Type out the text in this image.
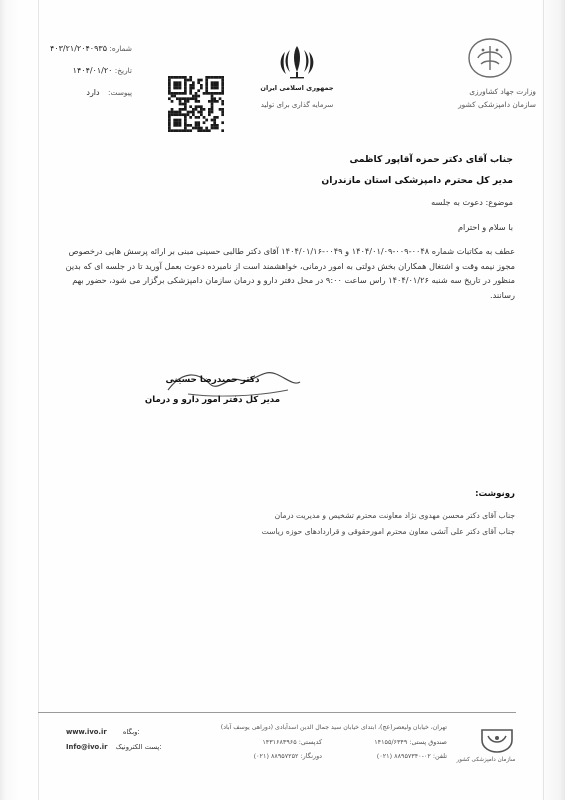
شماره: ۴۰۳/۲۱/۲۰۴۰۹۳۵
تاریخ: ۱۴۰۴/۰۱/۲۰
پیوست: دارد	جمهوری اسلامی ایران
سرمایه گذاری برای تولید
وزارت جهاد کشاورزی
سازمان دامپزشکی کشور
جناب آقای دکتر حمزه آقاپور کاظمی
مدیر کل محترم دامپزشکی استان مازندران
موضوع: دعوت به جلسه
با سلام و احترام
عطف به مکاتبات شماره ۰۰۴۸-۰۰۹-۱۴۰۴/۰۱/۰۹ و ۰۰۴۹-۱۴۰۴/۰۱/۱۶ آقای دکتر طالبی حسینی مبنی بر ارائه پرسش هایی درخصوص
مجوز نیمه وقت و اشتغال همکاران بخش دولتی به امور درمانی، خواهشمند است از نامبرده دعوت بعمل آورید تا در جلسه ای که بدین
منظور در تاریخ سه شنبه ۱۴۰۴/۰۱/۲۶ راس ساعت ۹:۰۰ در محل دفتر دارو و درمان سازمان دامپزشکی برگزار می شود، حضور بهم
رسانند.
دکتر حمیدرضا حسینی
مدیر کل دفتر امور دارو و درمان
رونوشت:
جناب آقای دکتر محسن مهدوی نژاد معاونت محترم تشخیص و مدیریت درمان
جناب آقای دکتر علی آتشی معاون محترم امورحقوقی و قراردادهای حوزه ریاست
سازمان دامپزشکی کشور
تهران، خیابان ولیعصر(عج)، ابتدای خیابان سید جمال الدین اسدآبادی (دوراهی یوسف آباد)
صندوق پستی: ۱۴۱۵۵/۶۳۴۹
کدپستی: ۱۴۳۱۶۸۳۹۶۵
تلفن: ۰۲-۸۸۹۵۷۳۴۰ (۰۲۱)
دورنگار: ۸۸۹۵۷۲۵۲ (۰۲۱)
www.ivo.ir وبگاه:
Info@ivo.ir پست الکترونیک:
